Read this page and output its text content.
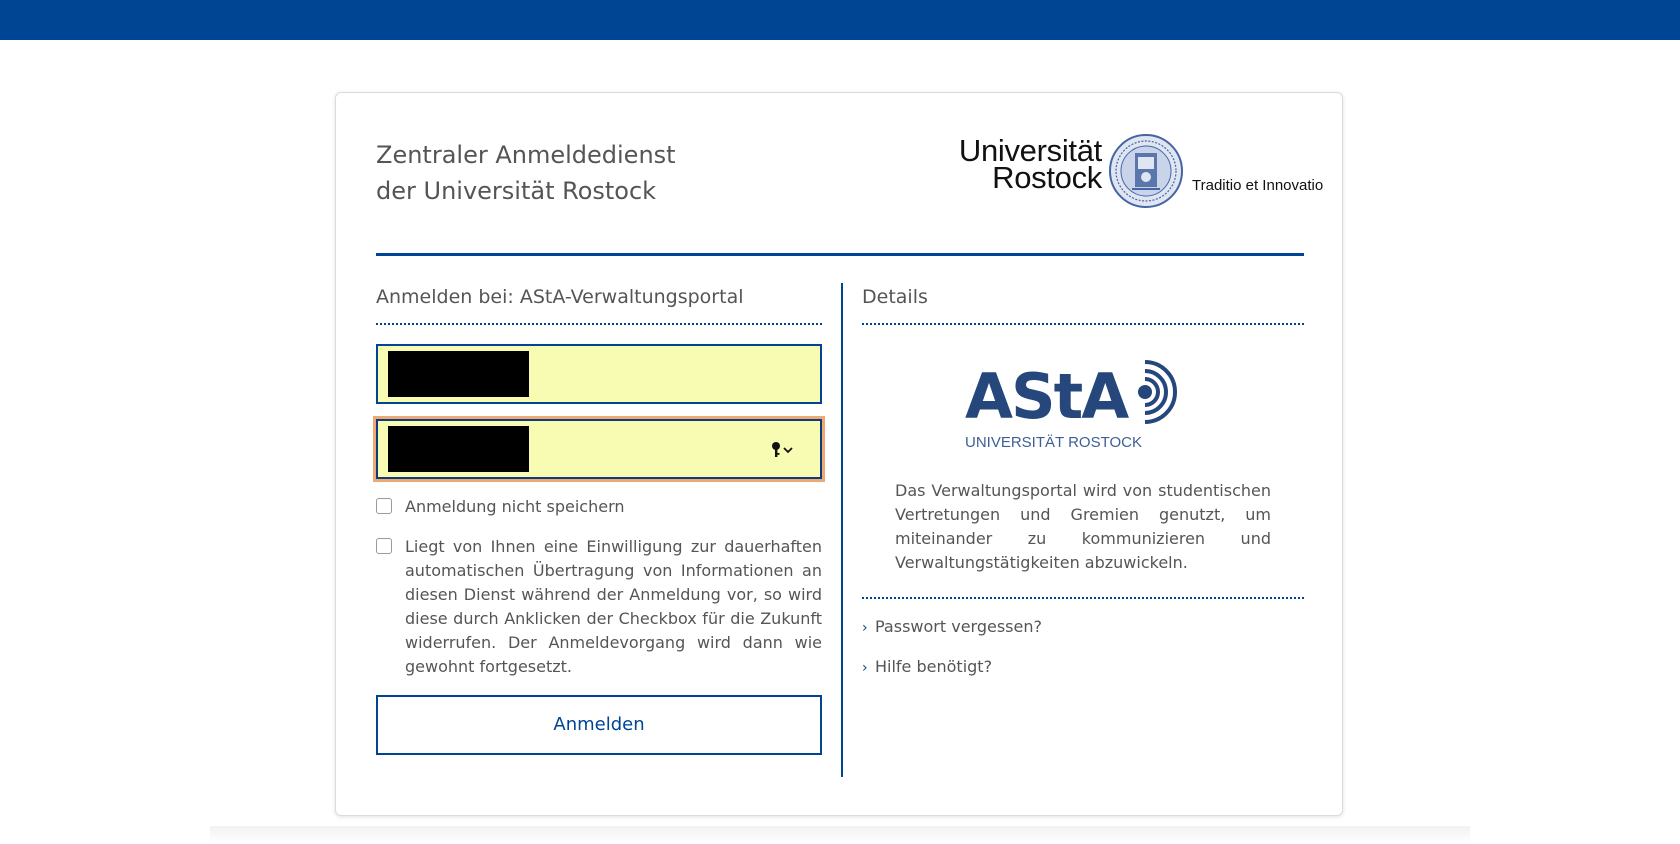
Zentraler Anmeldedienst
der Universität Rostock
Universität
Rostock	Traditio et Innovatio
Anmelden bei: AStA-Verwaltungsportal
Anmeldung nicht speichern
Liegt von Ihnen eine Einwilligung zur dauerhaften automatischen Übertragung von Informationen an diesen Dienst während der Anmeldung vor, so wird diese durch Anklicken der Checkbox für die Zukunft widerrufen. Der Anmeldevorgang wird dann wie gewohnt fortgesetzt.
Anmelden
Details
AStA
UNIVERSITÄT ROSTOCK

Das Verwaltungsportal wird von studentischen Vertretungen und Gremien genutzt, um miteinander zu kommunizieren und Verwaltungstätigkeiten abzuwickeln.

› Passwort vergessen?
› Hilfe benötigt?
